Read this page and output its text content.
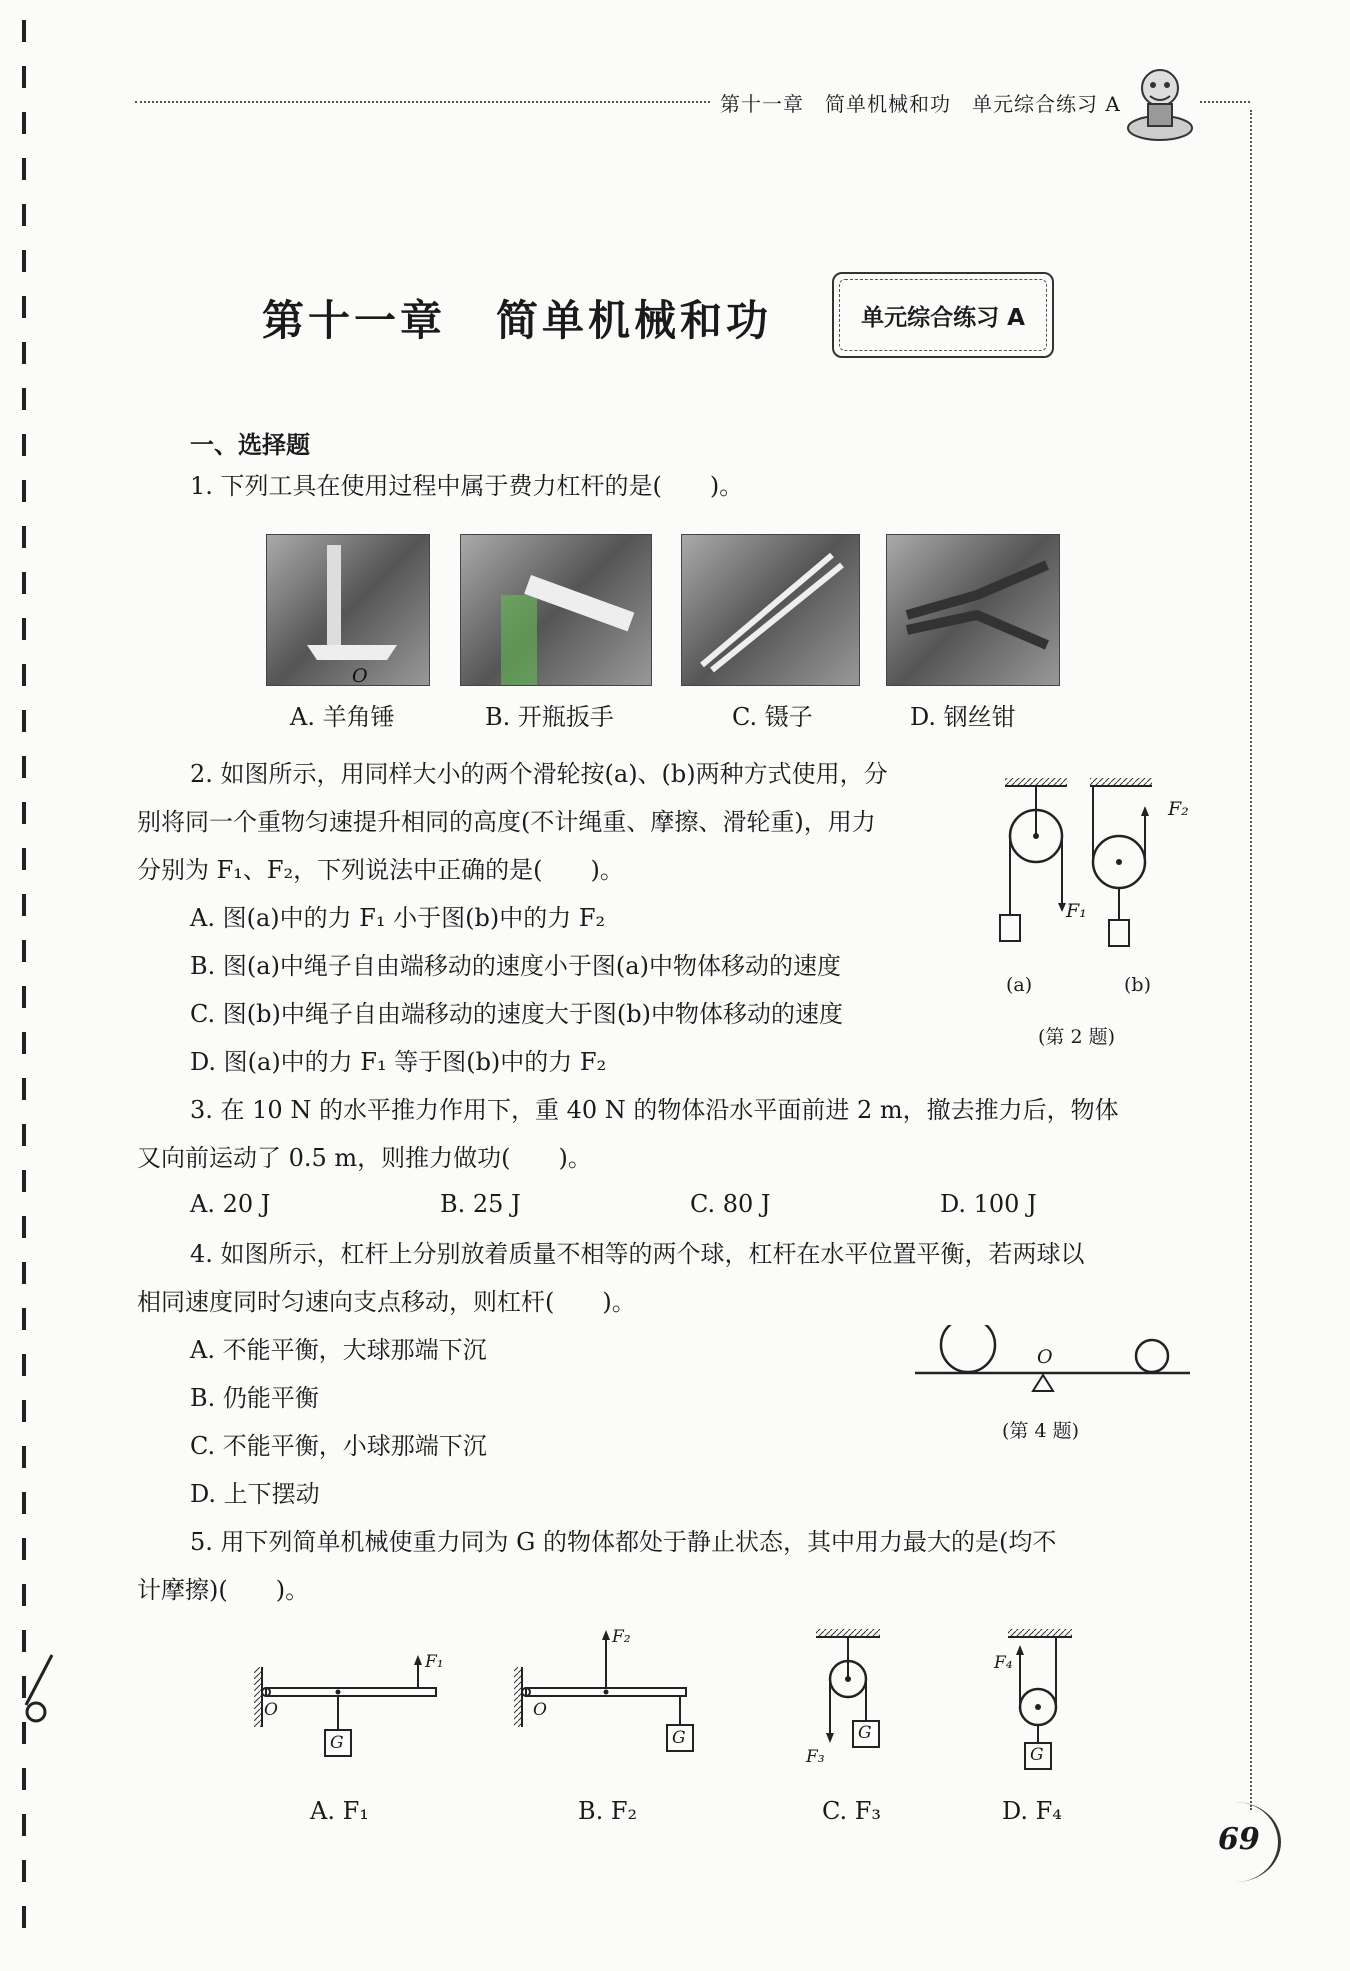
第十一章　简单机械和功　单元综合练习 A
第十一章 简单机械和功	单元综合练习 A
一、选择题
1. 下列工具在使用过程中属于费力杠杆的是(　　)。
O
A. 羊角锤	B. 开瓶扳手	C. 镊子	D. 钢丝钳
2. 如图所示，用同样大小的两个滑轮按(a)、(b)两种方式使用，分
别将同一个重物匀速提升相同的高度(不计绳重、摩擦、滑轮重)，用力
分别为 F₁、F₂，下列说法中正确的是(　　)。
A. 图(a)中的力 F₁ 小于图(b)中的力 F₂
B. 图(a)中绳子自由端移动的速度小于图(a)中物体移动的速度
C. 图(b)中绳子自由端移动的速度大于图(b)中物体移动的速度
D. 图(a)中的力 F₁ 等于图(b)中的力 F₂
F₁
F₂
(a)	(b)
(第 2 题)
3. 在 10 N 的水平推力作用下，重 40 N 的物体沿水平面前进 2 m，撤去推力后，物体
又向前运动了 0.5 m，则推力做功(　　)。
A. 20 J	B. 25 J	C. 80 J	D. 100 J
4. 如图所示，杠杆上分别放着质量不相等的两个球，杠杆在水平位置平衡，若两球以
相同速度同时匀速向支点移动，则杠杆(　　)。
A. 不能平衡，大球那端下沉
B. 仍能平衡
C. 不能平衡，小球那端下沉
D. 上下摆动
O
(第 4 题)
5. 用下列简单机械使重力同为 G 的物体都处于静止状态，其中用力最大的是(均不
计摩擦)(　　)。
O
G
F₁
O
G
F₂
F₃
G
F₄
G
A. F₁	B. F₂	C. F₃	D. F₄
69
